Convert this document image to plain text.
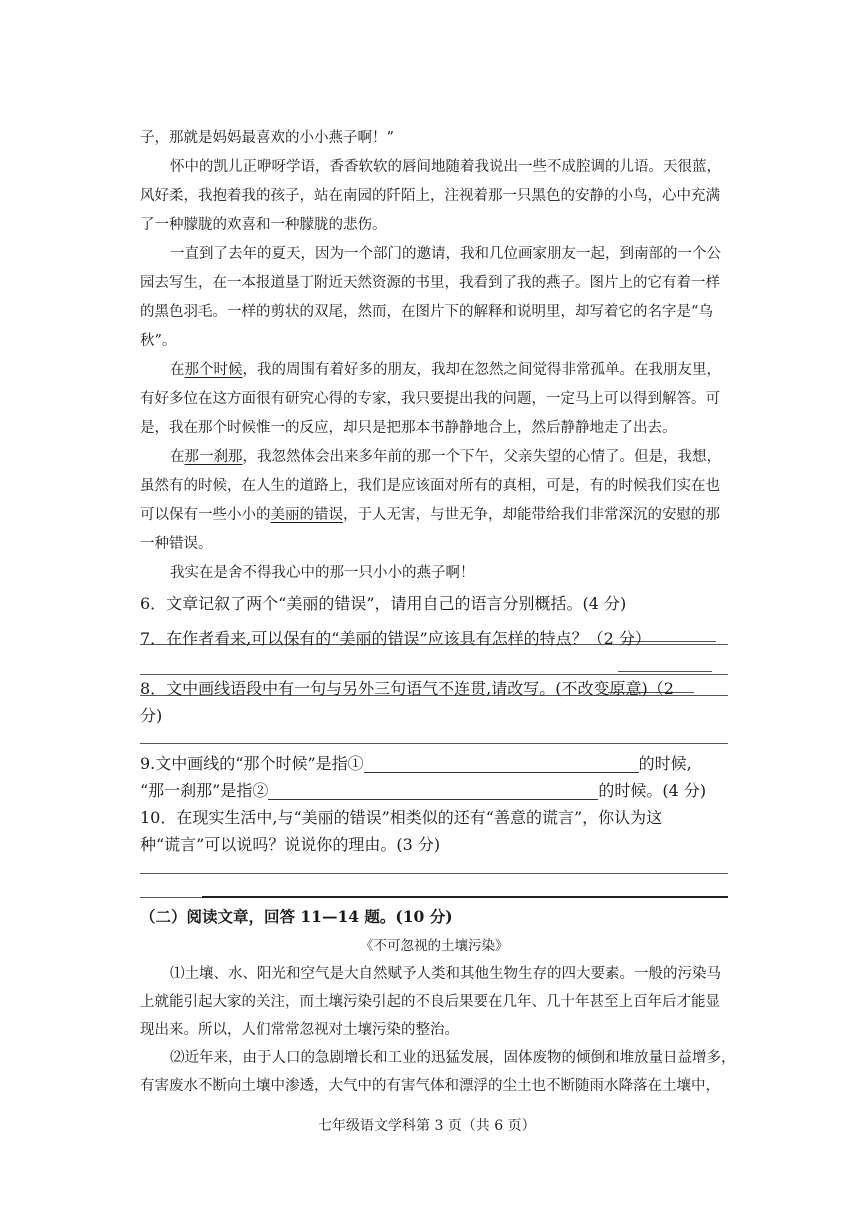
子，那就是妈妈最喜欢的小小燕子啊！”
怀中的凯儿正咿呀学语，香香软软的唇间地随着我说出一些不成腔调的儿语。天很蓝，
风好柔，我抱着我的孩子，站在南园的阡陌上，注视着那一只黑色的安静的小鸟，心中充满
了一种朦胧的欢喜和一种朦胧的悲伤。
一直到了去年的夏天，因为一个部门的邀请，我和几位画家朋友一起，到南部的一个公
园去写生，在一本报道垦丁附近天然资源的书里，我看到了我的燕子。图片上的它有着一样
的黑色羽毛。一样的剪状的双尾，然而，在图片下的解释和说明里，却写着它的名字是“乌
秋”。
在那个时候，我的周围有着好多的朋友，我却在忽然之间觉得非常孤单。在我朋友里，
有好多位在这方面很有研究心得的专家，我只要提出我的问题，一定马上可以得到解答。可
是，我在那个时候惟一的反应，却只是把那本书静静地合上，然后静静地走了出去。
在那一刹那，我忽然体会出来多年前的那一个下午，父亲失望的心情了。但是，我想，
虽然有的时候，在人生的道路上，我们是应该面对所有的真相，可是，有的时候我们实在也
可以保有一些小小的美丽的错误，于人无害，与世无争，却能带给我们非常深沉的安慰的那
一种错误。
我实在是舍不得我心中的那一只小小的燕子啊！
6．文章记叙了两个“美丽的错误”，请用自己的语言分别概括。(4 分)
7．在作者看来,可以保有的“美丽的错误”应该具有怎样的特点？（2 分）
8．文中画线语段中有一句与另外三句语气不连贯,请改写。(不改变原意)（2
分)
9.文中画线的“那个时候”是指①	的时候,
“那一刹那”是指②	的时候。(4 分)
10．在现实生活中,与“美丽的错误”相类似的还有“善意的谎言”，你认为这
种“谎言”可以说吗？说说你的理由。(3 分)
（二）阅读文章，回答 11—14 题。(10 分)
《不可忽视的土壤污染》
⑴土壤、水、阳光和空气是大自然赋予人类和其他生物生存的四大要素。一般的污染马
上就能引起大家的关注，而土壤污染引起的不良后果要在几年、几十年甚至上百年后才能显
现出来。所以，人们常常忽视对土壤污染的整治。
⑵近年来，由于人口的急剧增长和工业的迅猛发展，固体废物的倾倒和堆放量日益增多，
有害废水不断向土壤中渗透，大气中的有害气体和漂浮的尘土也不断随雨水降落在土壤中，
七年级语文学科第 3 页（共 6 页）
